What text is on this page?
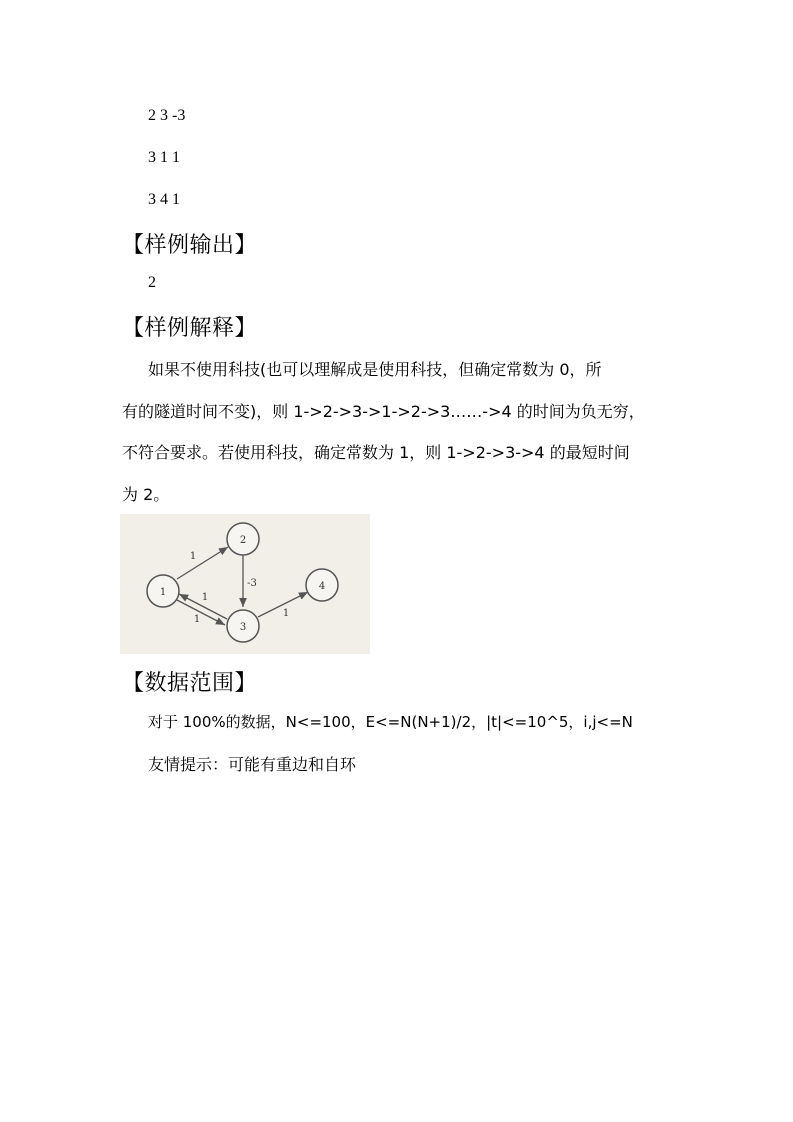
2 3 -3
3 1 1
3 4 1
【样例输出】
2
【样例解释】
如果不使用科技(也可以理解成是使用科技，但确定常数为 0，所
有的隧道时间不变)，则 1->2->3->1->2->3……->4 的时间为负无穷，
不符合要求。若使用科技，确定常数为 1，则 1->2->3->4 的最短时间
为 2。
1
2
3
4
1
-3
1
1
1
【数据范围】
对于 100%的数据，N<=100，E<=N(N+1)/2，|t|<=10^5，i,j<=N
友情提示：可能有重边和自环
